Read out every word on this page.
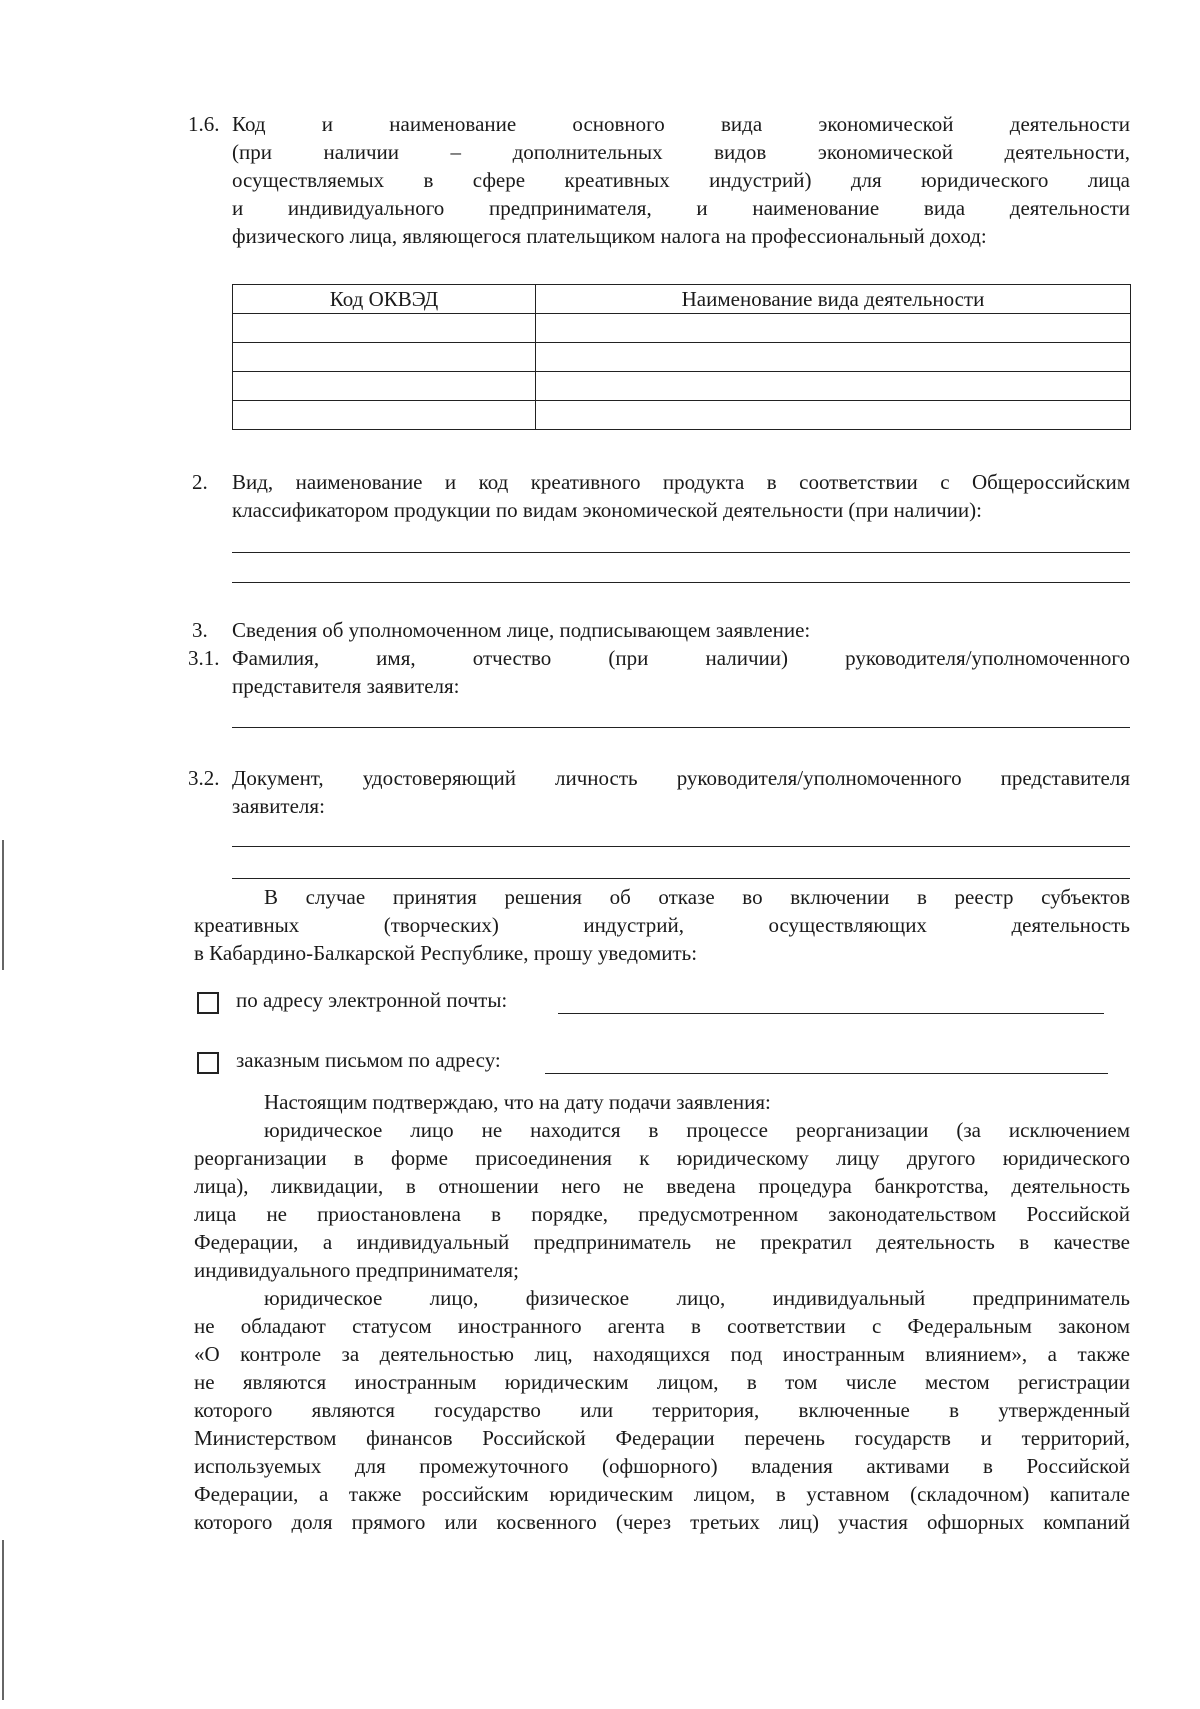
1.6. Код и наименование основного вида экономической деятельности
(при наличии – дополнительных видов экономической деятельности,
осуществляемых в сфере креативных индустрий) для юридического лица
и индивидуального предпринимателя, и наименование вида деятельности
физического лица, являющегося плательщиком налога на профессиональный доход:
Код ОКВЭД	Наименование вида деятельности

2. Вид, наименование и код креативного продукта в соответствии с Общероссийским
классификатором продукции по видам экономической деятельности (при наличии):
3. Сведения об уполномоченном лице, подписывающем заявление:
3.1. Фамилия, имя, отчество (при наличии) руководителя/уполномоченного
представителя заявителя:
3.2. Документ, удостоверяющий личность руководителя/уполномоченного представителя
заявителя:
В случае принятия решения об отказе во включении в реестр субъектов
креативных (творческих) индустрий, осуществляющих деятельность
в Кабардино-Балкарской Республике, прошу уведомить:
по адресу электронной почты:
заказным письмом по адресу:
Настоящим подтверждаю, что на дату подачи заявления:
юридическое лицо не находится в процессе реорганизации (за исключением
реорганизации в форме присоединения к юридическому лицу другого юридического
лица), ликвидации, в отношении него не введена процедура банкротства, деятельность
лица не приостановлена в порядке, предусмотренном законодательством Российской
Федерации, а индивидуальный предприниматель не прекратил деятельность в качестве
индивидуального предпринимателя;
юридическое лицо, физическое лицо, индивидуальный предприниматель
не обладают статусом иностранного агента в соответствии с Федеральным законом
«О контроле за деятельностью лиц, находящихся под иностранным влиянием», а также
не являются иностранным юридическим лицом, в том числе местом регистрации
которого являются государство или территория, включенные в утвержденный
Министерством финансов Российской Федерации перечень государств и территорий,
используемых для промежуточного (офшорного) владения активами в Российской
Федерации, а также российским юридическим лицом, в уставном (складочном) капитале
которого доля прямого или косвенного (через третьих лиц) участия офшорных компаний
